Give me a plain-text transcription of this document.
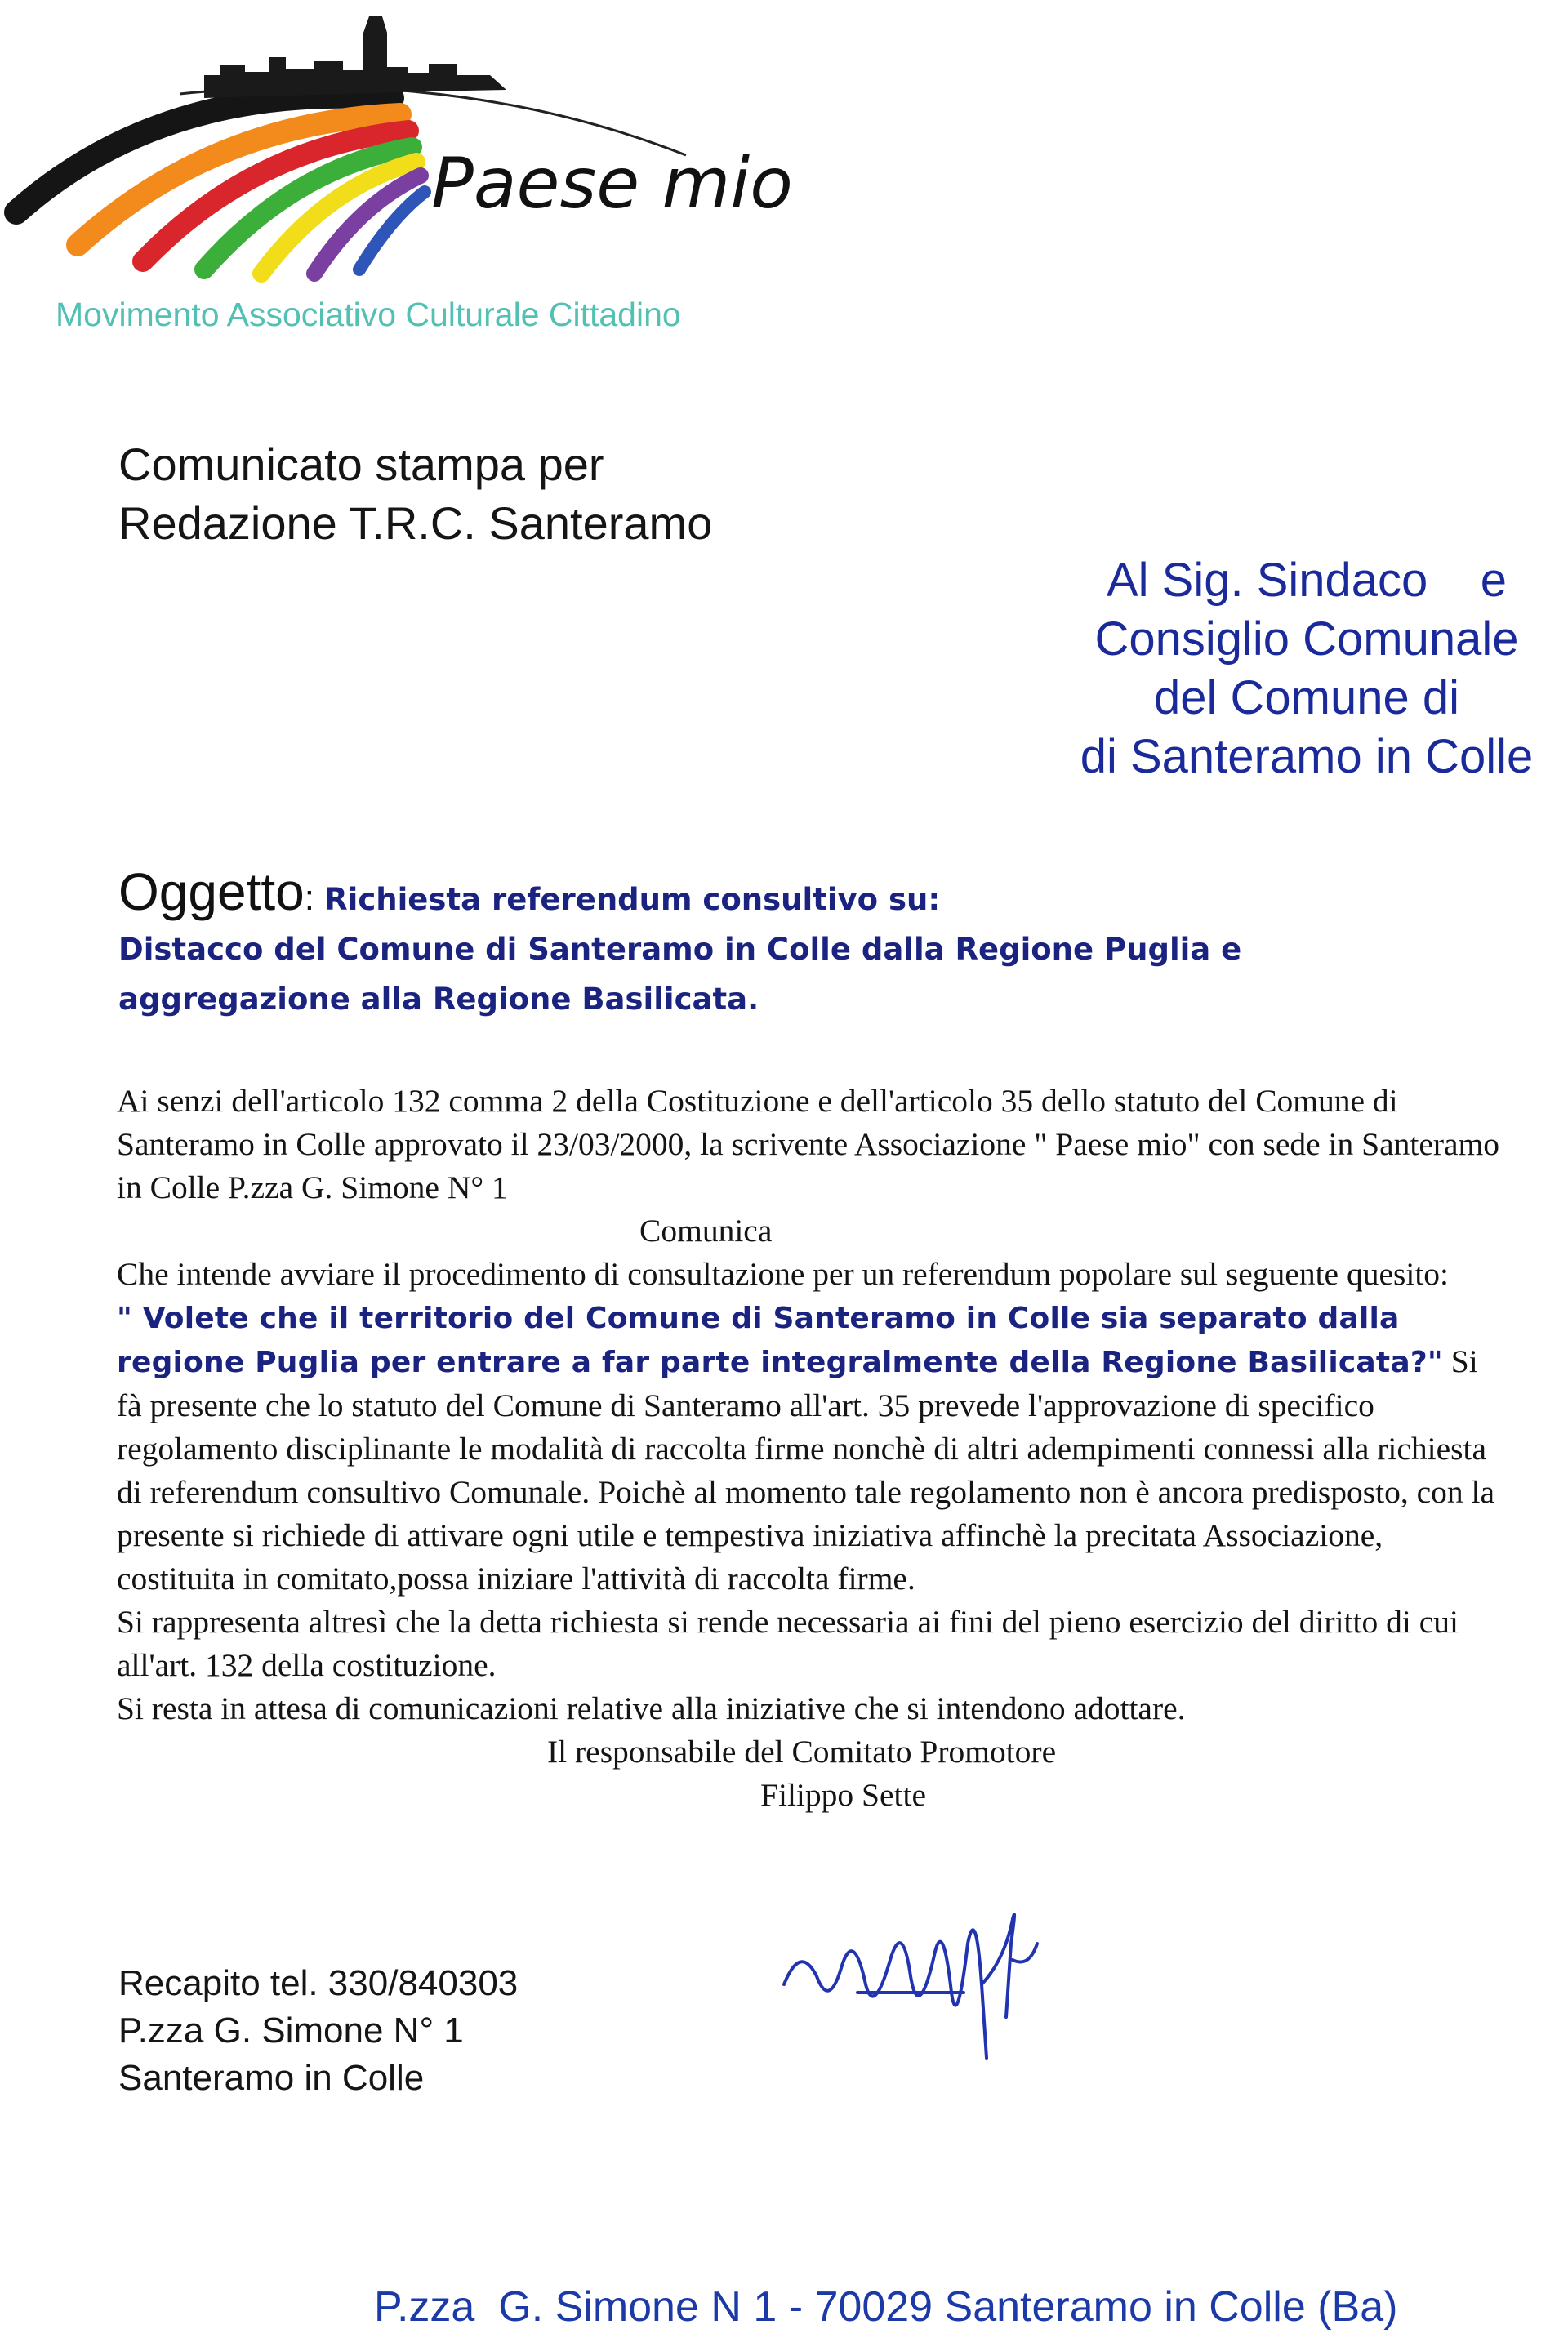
Paese mio
Movimento Associativo Culturale Cittadino
Comunicato stampa per
Redazione T.R.C. Santeramo
Al Sig. Sindaco    e
Consiglio Comunale
del Comune di
di Santeramo in Colle
Oggetto: Richiesta referendum consultivo su:
Distacco del Comune di Santeramo in Colle dalla Regione Puglia e
aggregazione alla Regione Basilicata.

Ai senzi dell'articolo 132 comma 2 della Costituzione e dell'articolo 35 dello statuto del Comune di Santeramo in Colle approvato il 23/03/2000, la scrivente Associazione " Paese mio" con sede in Santeramo in Colle P.zza G. Simone N° 1

Comunica

Che intende avviare il procedimento di consultazione per un referendum popolare sul seguente quesito:

" Volete che il territorio del Comune di Santeramo in Colle sia separato dalla regione Puglia per entrare a far parte integralmente della Regione Basilicata?" Si fà presente che lo statuto del Comune di Santeramo all'art. 35 prevede l'approvazione di specifico regolamento disciplinante le modalità di raccolta firme nonchè di altri adempimenti connessi alla richiesta di referendum consultivo Comunale. Poichè al momento tale regolamento non è ancora predisposto, con la presente si richiede di attivare ogni utile e tempestiva iniziativa affinchè la precitata Associazione, costituita in comitato,possa iniziare l'attività di raccolta firme.

Si rappresenta altresì che la detta richiesta si rende necessaria ai fini del pieno esercizio del diritto di cui all'art. 132 della costituzione.

Si resta in attesa di comunicazioni relative alla iniziative che si intendono adottare.

Il responsabile del Comitato Promotore

Filippo Sette

Recapito tel. 330/840303
P.zza G. Simone N° 1
Santeramo in Colle
P.zza  G. Simone N 1 - 70029 Santeramo in Colle (Ba)
